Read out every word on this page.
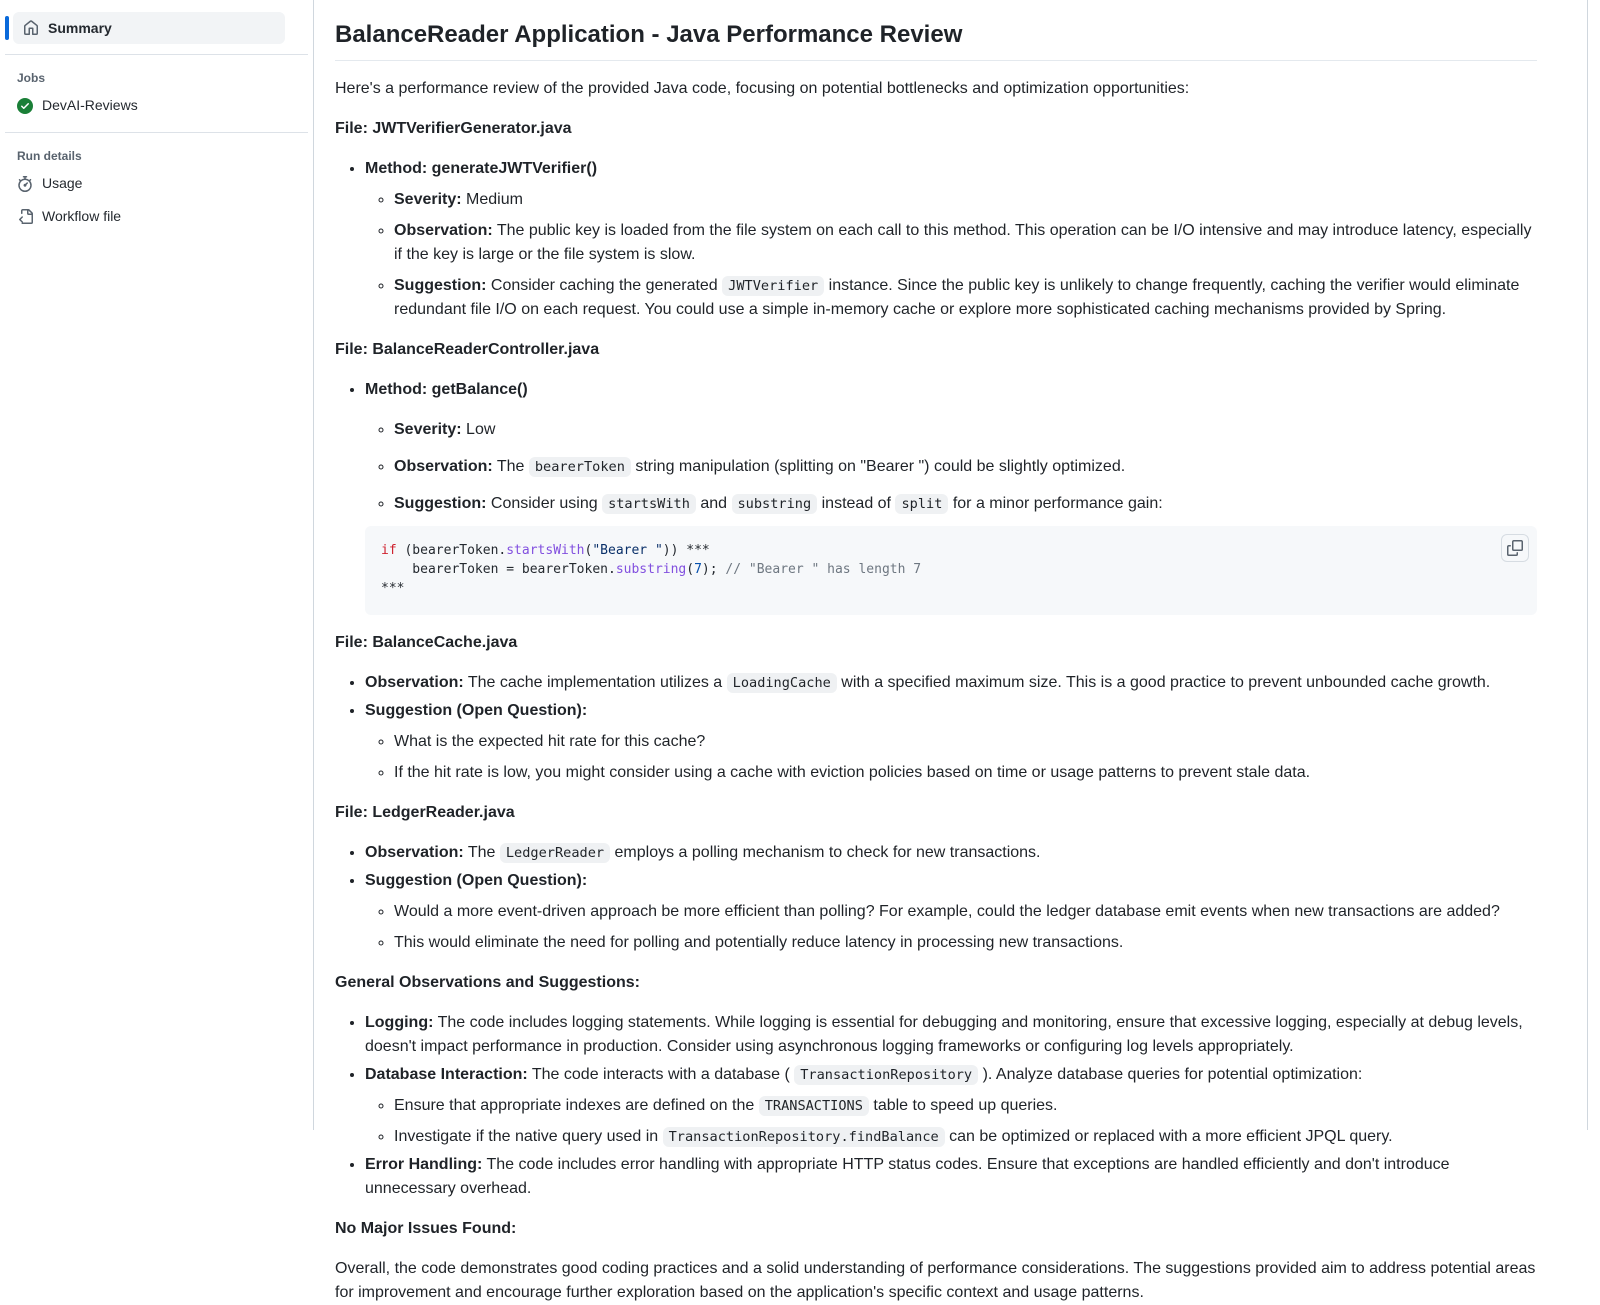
Summary
Jobs
DevAI-Reviews
Run details
Usage
Workflow file
BalanceReader Application - Java Performance Review

Here's a performance review of the provided Java code, focusing on potential bottlenecks and optimization opportunities:

File: JWTVerifierGenerator.java

• Method: generateJWTVerifier()
◦ Severity: Medium
◦ Observation: The public key is loaded from the file system on each call to this method. This operation can be I/O intensive and may introduce latency, especially if the key is large or the file system is slow.
◦ Suggestion: Consider caching the generated JWTVerifier instance. Since the public key is unlikely to change frequently, caching the verifier would eliminate redundant file I/O on each request. You could use a simple in-memory cache or explore more sophisticated caching mechanisms provided by Spring.

File: BalanceReaderController.java

• Method: getBalance()
◦ Severity: Low
◦ Observation: The bearerToken string manipulation (splitting on "Bearer ") could be slightly optimized.
◦ Suggestion: Consider using startsWith and substring instead of split for a minor performance gain:
if (bearerToken.startsWith("Bearer ")) ***
bearerToken = bearerToken.substring(7); // "Bearer " has length 7
***

File: BalanceCache.java

• Observation: The cache implementation utilizes a LoadingCache with a specified maximum size. This is a good practice to prevent unbounded cache growth.
• Suggestion (Open Question):
◦ What is the expected hit rate for this cache?
◦ If the hit rate is low, you might consider using a cache with eviction policies based on time or usage patterns to prevent stale data.

File: LedgerReader.java

• Observation: The LedgerReader employs a polling mechanism to check for new transactions.
• Suggestion (Open Question):
◦ Would a more event-driven approach be more efficient than polling? For example, could the ledger database emit events when new transactions are added?
◦ This would eliminate the need for polling and potentially reduce latency in processing new transactions.

General Observations and Suggestions:

• Logging: The code includes logging statements. While logging is essential for debugging and monitoring, ensure that excessive logging, especially at debug levels, doesn't impact performance in production. Consider using asynchronous logging frameworks or configuring log levels appropriately.
• Database Interaction: The code interacts with a database ( TransactionRepository ). Analyze database queries for potential optimization:
◦ Ensure that appropriate indexes are defined on the TRANSACTIONS table to speed up queries.
◦ Investigate if the native query used in TransactionRepository.findBalance can be optimized or replaced with a more efficient JPQL query.
• Error Handling: The code includes error handling with appropriate HTTP status codes. Ensure that exceptions are handled efficiently and don't introduce unnecessary overhead.

No Major Issues Found:

Overall, the code demonstrates good coding practices and a solid understanding of performance considerations. The suggestions provided aim to address potential areas for improvement and encourage further exploration based on the application's specific context and usage patterns.
